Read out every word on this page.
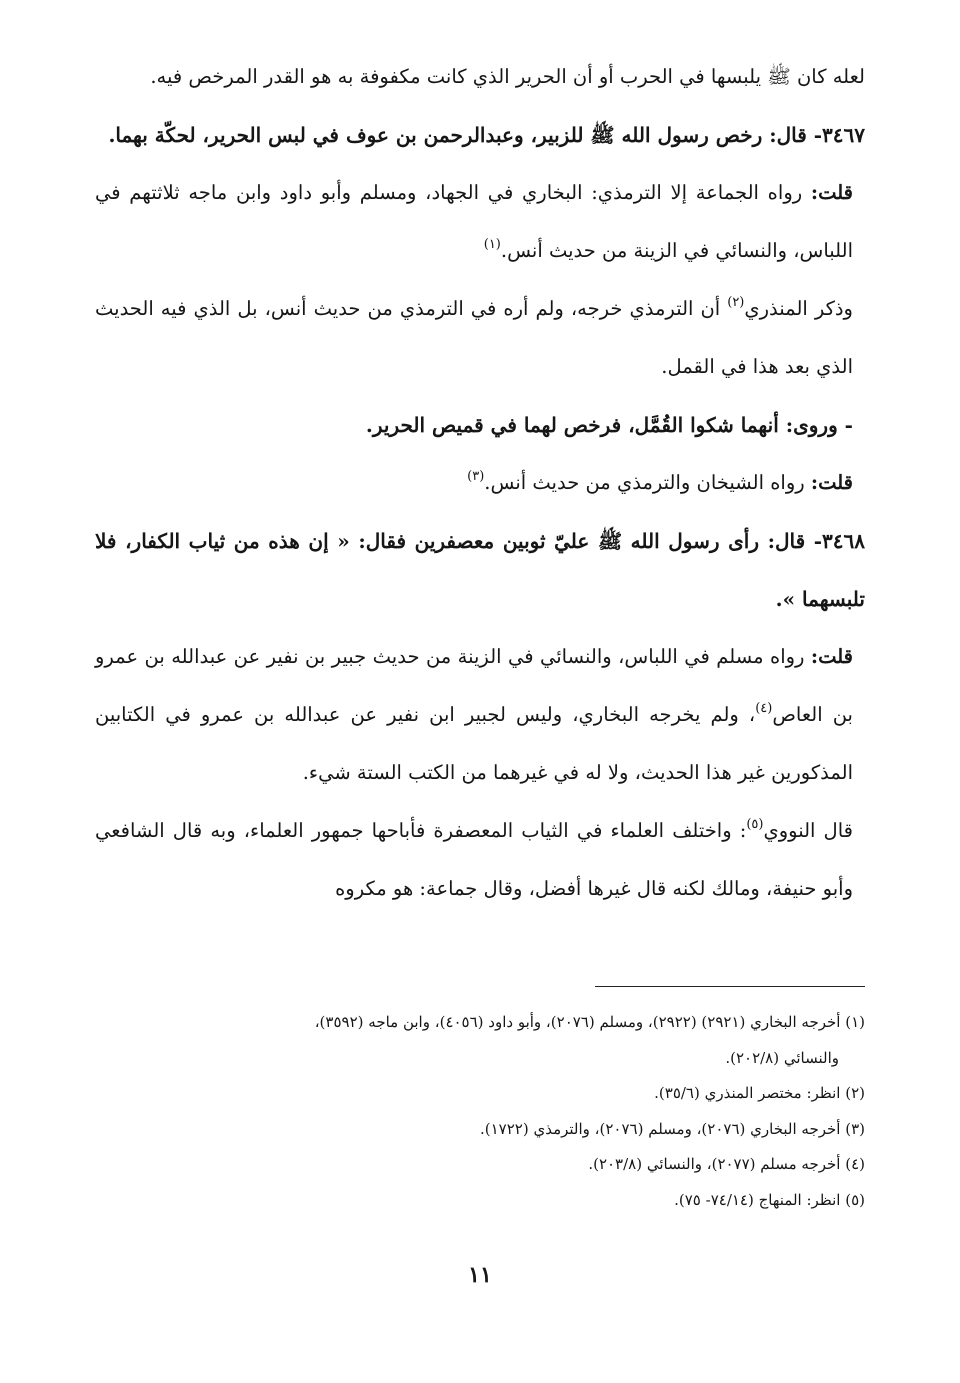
لعله كان ﷺ يلبسها في الحرب أو أن الحرير الذي كانت مكفوفة به هو القدر المرخص فيه.

٣٤٦٧- قال: رخص رسول الله ﷺ للزبير، وعبدالرحمن بن عوف في لبس الحرير، لحكّة بهما.

قلت: رواه الجماعة إلا الترمذي: البخاري في الجهاد، ومسلم وأبو داود وابن ماجه ثلاثتهم في اللباس، والنسائي في الزينة من حديث أنس.$^{(١)}$

وذكر المنذري$^{(٢)}$ أن الترمذي خرجه، ولم أره في الترمذي من حديث أنس، بل الذي فيه الحديث الذي بعد هذا في القمل.

- وروى: أنهما شكوا القُمَّل، فرخص لهما في قميص الحرير.

قلت: رواه الشيخان والترمذي من حديث أنس.$^{(٣)}$

٣٤٦٨- قال: رأى رسول الله ﷺ عليّ ثوبين معصفرين فقال: « إن هذه من ثياب الكفار، فلا تلبسهما ».

قلت: رواه مسلم في اللباس، والنسائي في الزينة من حديث جبير بن نفير عن عبدالله بن عمرو بن العاص$^{(٤)}$، ولم يخرجه البخاري، وليس لجبير ابن نفير عن عبدالله بن عمرو في الكتابين المذكورين غير هذا الحديث، ولا له في غيرهما من الكتب الستة شيء.

قال النووي$^{(٥)}$: واختلف العلماء في الثياب المعصفرة فأباحها جمهور العلماء، وبه قال الشافعي وأبو حنيفة، ومالك لكنه قال غيرها أفضل، وقال جماعة: هو مكروه

(١) أخرجه البخاري (٢٩٢١) (٢٩٢٢)، ومسلم (٢٠٧٦)، وأبو داود (٤٠٥٦)، وابن ماجه (٣٥٩٢)،

والنسائي (٢٠٢/٨).

(٢) انظر: مختصر المنذري (٣٥/٦).

(٣) أخرجه البخاري (٢٠٧٦)، ومسلم (٢٠٧٦)، والترمذي (١٧٢٢).

(٤) أخرجه مسلم (٢٠٧٧)، والنسائي (٢٠٣/٨).

(٥) انظر: المنهاج (٧٤/١٤- ٧٥).

١١
